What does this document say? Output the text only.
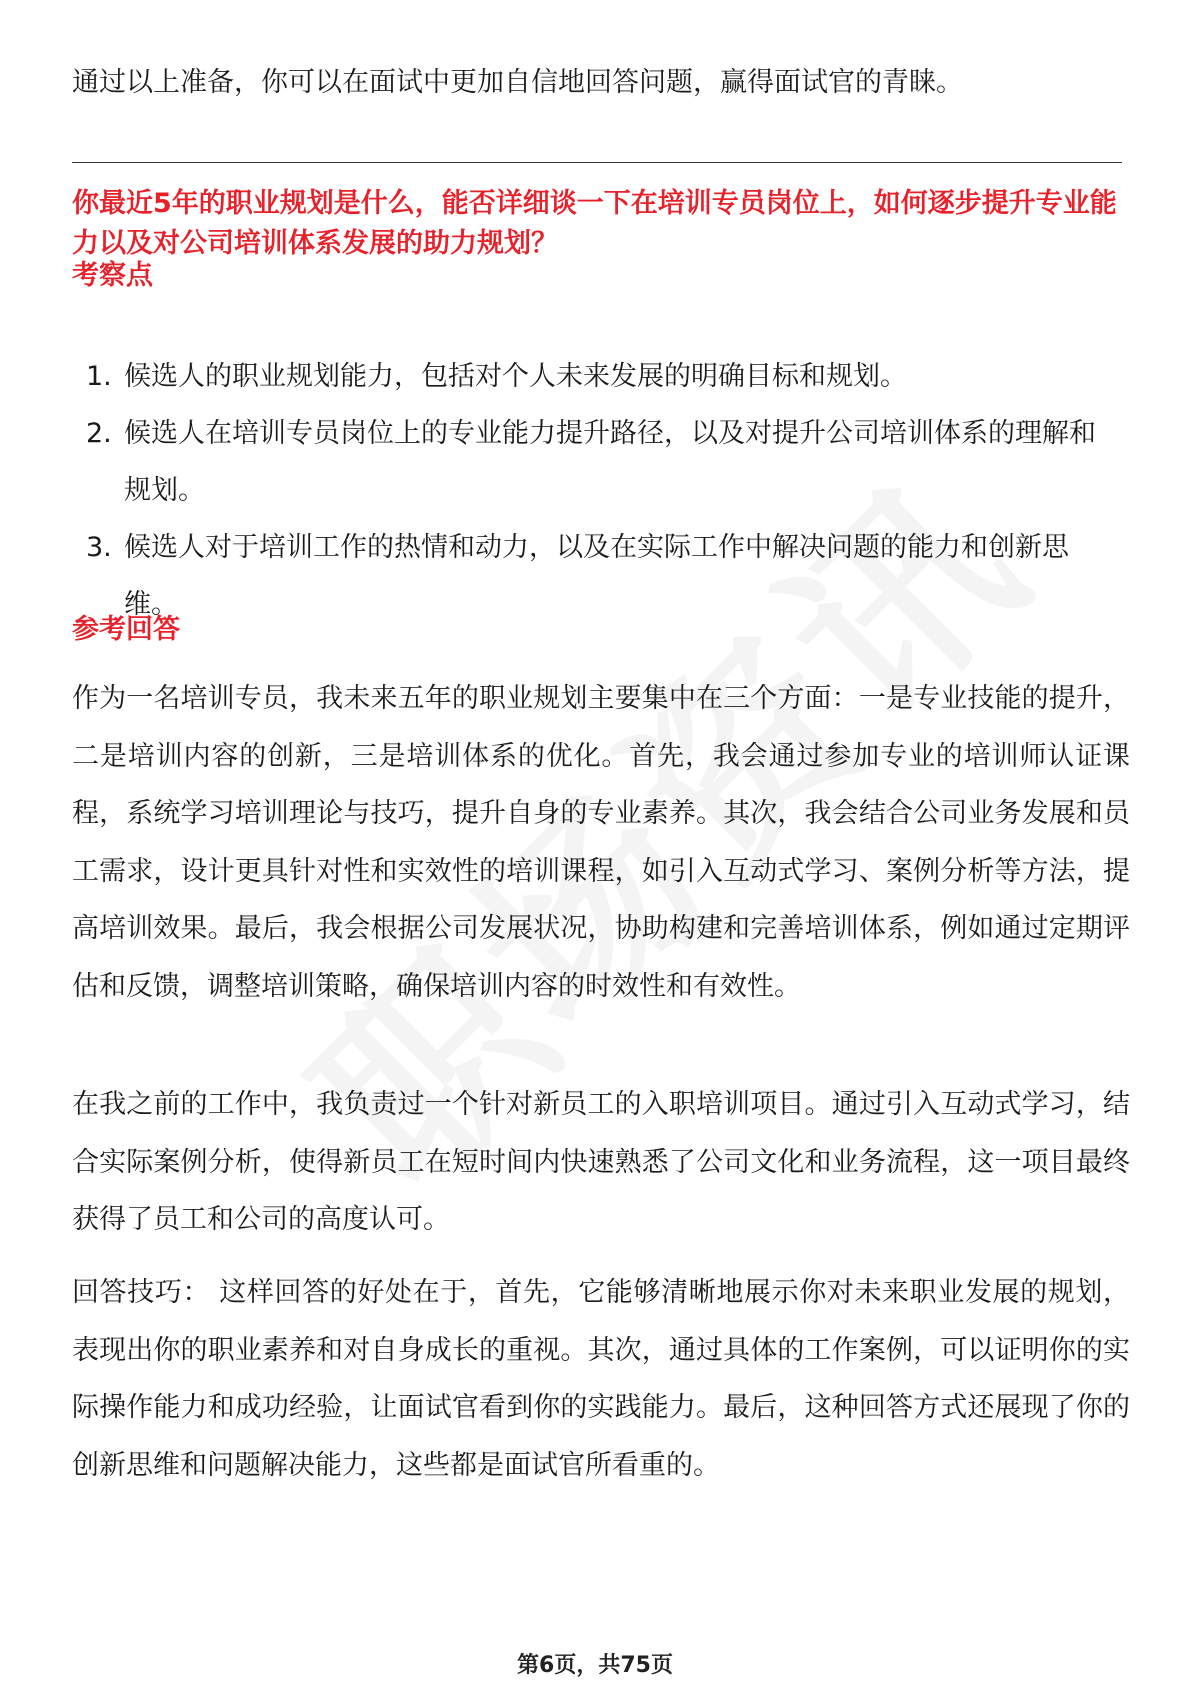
通过以上准备，你可以在面试中更加自信地回答问题，赢得面试官的青睐。
你最近5年的职业规划是什么，能否详细谈一下在培训专员岗位上，如何逐步提升专业能力以及对公司培训体系发展的助力规划？
考察点
1. 候选人的职业规划能力，包括对个人未来发展的明确目标和规划。
2. 候选人在培训专员岗位上的专业能力提升路径，以及对提升公司培训体系的理解和规划。
3. 候选人对于培训工作的热情和动力，以及在实际工作中解决问题的能力和创新思维。
参考回答
作为一名培训专员，我未来五年的职业规划主要集中在三个方面：一是专业技能的提升，二是培训内容的创新，三是培训体系的优化。首先，我会通过参加专业的培训师认证课程，系统学习培训理论与技巧，提升自身的专业素养。其次，我会结合公司业务发展和员工需求，设计更具针对性和实效性的培训课程，如引入互动式学习、案例分析等方法，提高培训效果。最后，我会根据公司发展状况，协助构建和完善培训体系，例如通过定期评估和反馈，调整培训策略，确保培训内容的时效性和有效性。
在我之前的工作中，我负责过一个针对新员工的入职培训项目。通过引入互动式学习，结合实际案例分析，使得新员工在短时间内快速熟悉了公司文化和业务流程，这一项目最终获得了员工和公司的高度认可。
回答技巧： 这样回答的好处在于，首先，它能够清晰地展示你对未来职业发展的规划，表现出你的职业素养和对自身成长的重视。其次，通过具体的工作案例，可以证明你的实际操作能力和成功经验，让面试官看到你的实践能力。最后，这种回答方式还展现了你的创新思维和问题解决能力，这些都是面试官所看重的。
第6页，共75页
